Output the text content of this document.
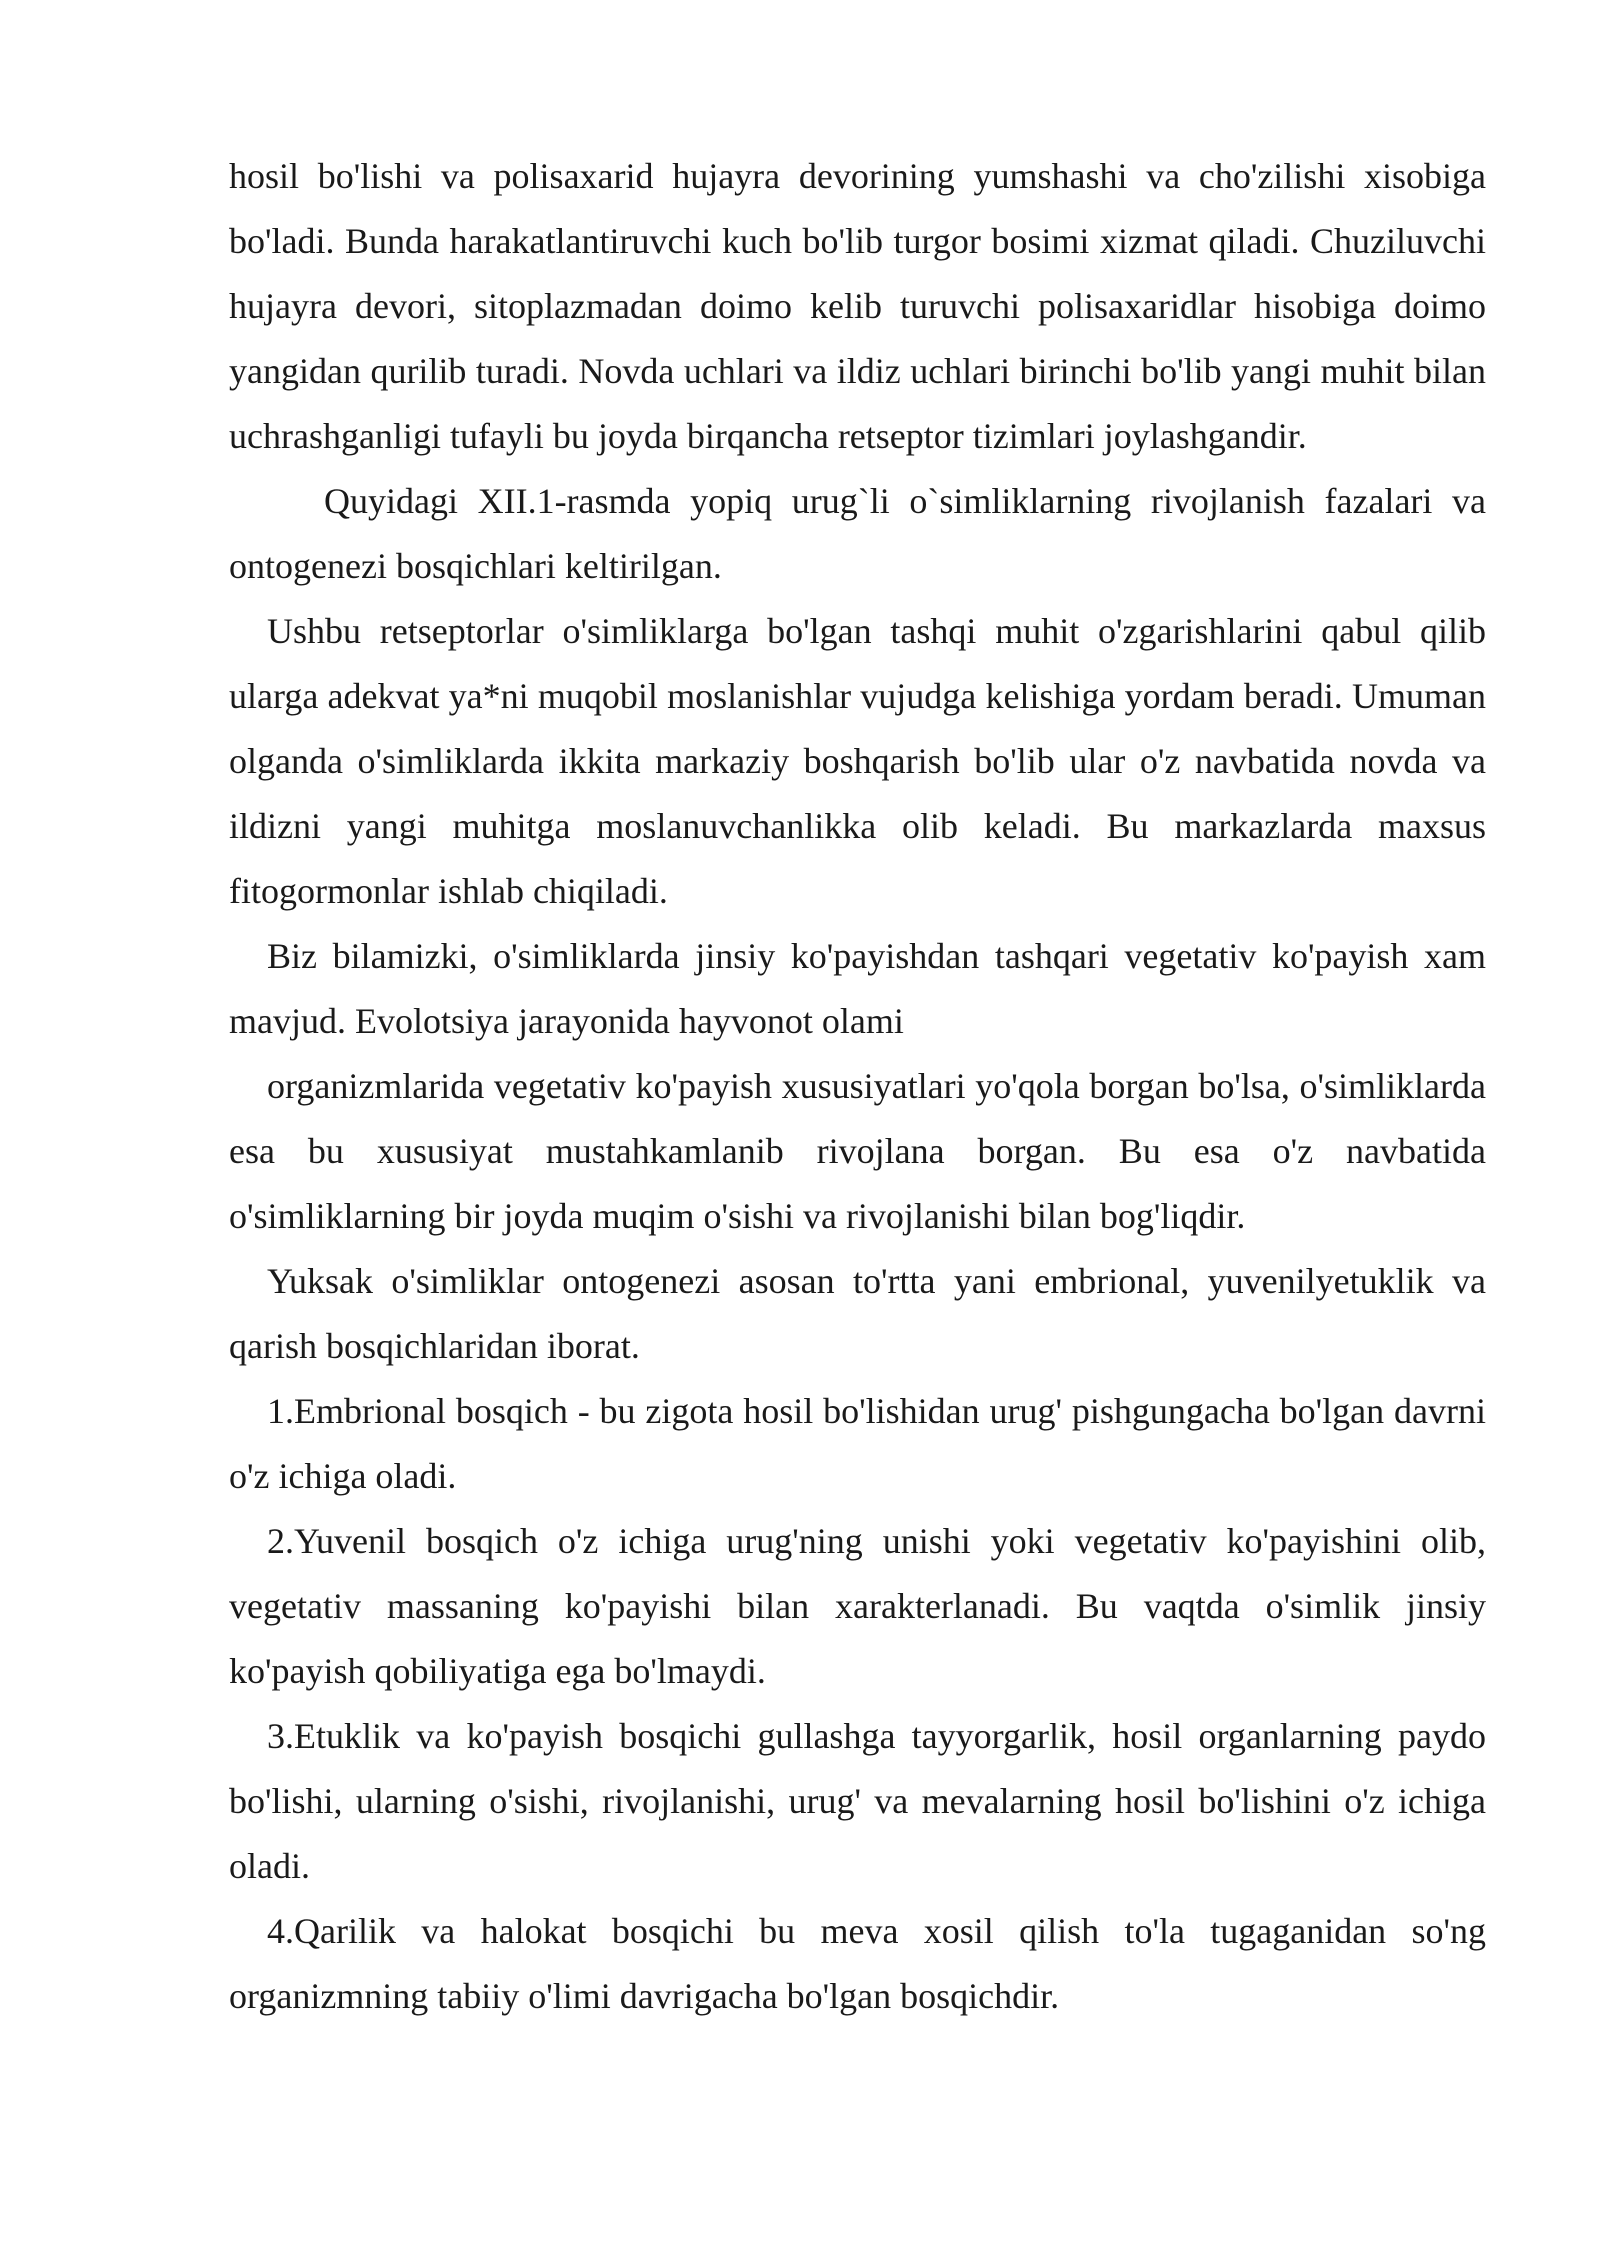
hosil bo'lishi va polisaxarid hujayra devorining yumshashi va cho'zilishi xisobiga bo'ladi. Bunda harakatlantiruvchi kuch bo'lib turgor bosimi xizmat qiladi. Chuziluvchi hujayra devori, sitoplazmadan doimo kelib turuvchi polisaxaridlar hisobiga doimo yangidan qurilib turadi. Novda uchlari va ildiz uchlari birinchi bo'lib yangi muhit bilan uchrashganligi tufayli bu joyda birqancha retseptor tizimlari joylashgandir.

Quyidagi XII.1-rasmda yopiq urug`li o`simliklarning rivojlanish fazalari va ontogenezi bosqichlari keltirilgan.

Ushbu retseptorlar o'simliklarga bo'lgan tashqi muhit o'zgarishlarini qabul qilib ularga adekvat ya*ni muqobil moslanishlar vujudga kelishiga yordam beradi. Umuman olganda o'simliklarda ikkita markaziy boshqarish bo'lib ular o'z navbatida novda va ildizni yangi muhitga moslanuvchanlikka olib keladi. Bu markazlarda maxsus fitogormonlar ishlab chiqiladi.

Biz bilamizki, o'simliklarda jinsiy ko'payishdan tashqari vegetativ ko'payish xam mavjud. Evolotsiya jarayonida hayvonot olami

organizmlarida vegetativ ko'payish xususiyatlari yo'qola borgan bo'lsa, o'simliklarda esa bu xususiyat mustahkamlanib rivojlana borgan. Bu esa o'z navbatida o'simliklarning bir joyda muqim o'sishi va rivojlanishi bilan bog'liqdir.

Yuksak o'simliklar ontogenezi asosan to'rtta yani embrional, yuvenilyetuklik va qarish bosqichlaridan iborat.

1.Embrional bosqich - bu zigota hosil bo'lishidan urug' pishgungacha bo'lgan davrni o'z ichiga oladi.

2.Yuvenil bosqich o'z ichiga urug'ning unishi yoki vegetativ ko'payishini olib, vegetativ massaning ko'payishi bilan xarakterlanadi. Bu vaqtda o'simlik jinsiy ko'payish qobiliyatiga ega bo'lmaydi.

3.Etuklik va ko'payish bosqichi gullashga tayyorgarlik, hosil organlarning paydo bo'lishi, ularning o'sishi, rivojlanishi, urug' va mevalarning hosil bo'lishini o'z ichiga oladi.

4.Qarilik va halokat bosqichi bu meva xosil qilish to'la tugaganidan so'ng organizmning tabiiy o'limi davrigacha bo'lgan bosqichdir.
